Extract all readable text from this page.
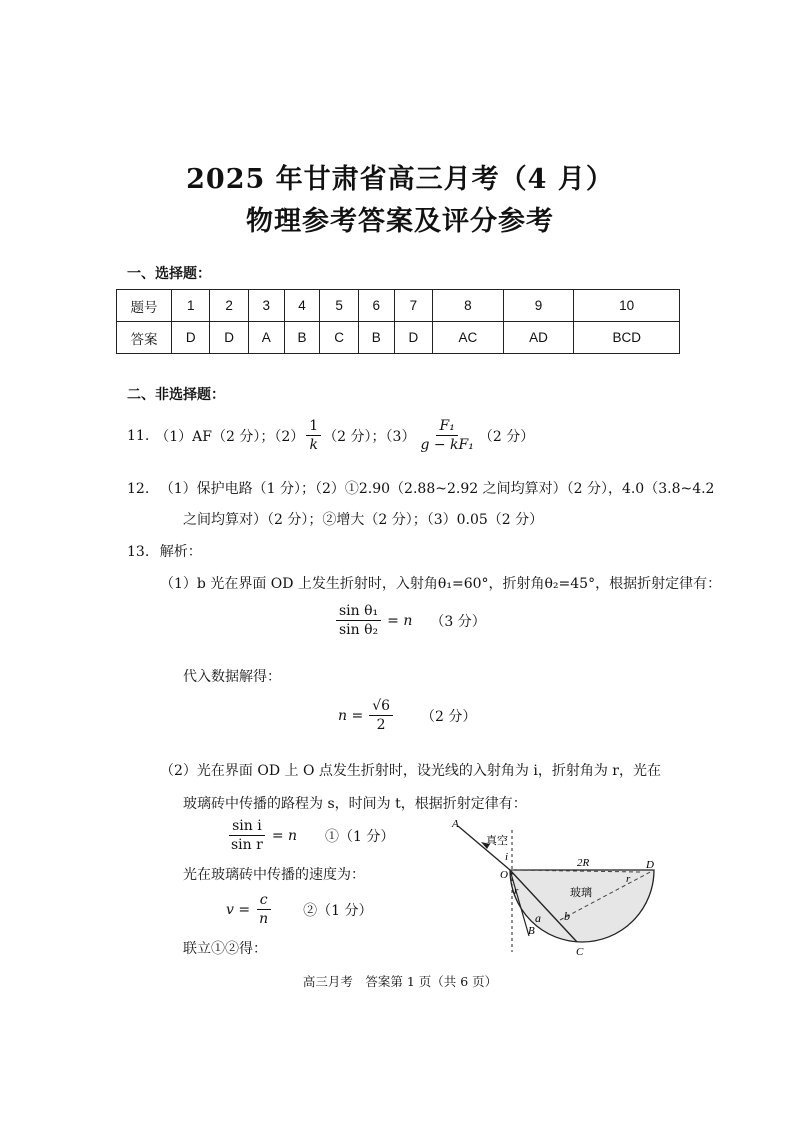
2025 年甘肃省高三月考（4 月）
物理参考答案及评分参考
一、选择题：
题号	1	2	3	4	5	6	7	8	9	10
答案	D	D	A	B	C	B	D	AC	AD	BCD
二、非选择题：
11. （1）AF（2 分）；$(2) \frac{1}{k} (2$ 分）；$(3) \frac{\text{F₁}}{\text{g − kF₁}} (2$ 分）
12. （1）保护电路（1 分）；（2）①2.90（2.88~2.92 之间均算对）（2 分），4.0（3.8~4.2
之间均算对）（2 分）；②增大（2 分）；（3）0.05（2 分）
13. 解析：
（1）b 光在界面 OD 上发生折射时，入射角θ₁=60°，折射角θ₂=45°，根据折射定律有：
$\frac{\text{sin θ₁}}{\text{sin θ₂}} = n$ （3 分）
代入数据解得：
$n = \frac{√6}{2} (2$ 分）
（2）光在界面 OD 上 O 点发生折射时，设光线的入射角为 i，折射角为 r，光在
玻璃砖中传播的路程为 s，时间为 t，根据折射定律有：
$\frac{\text{sin i}}{\text{sin r}} = n$ ①（1 分）
光在玻璃砖中传播的速度为：
$v = \frac{c}{n}$ ②（1 分）
联立①②得：
A
真空
i	2R	D
O	r
r	玻璃
a b
B
C
高三月考　答案第 1 页（共 6 页）
